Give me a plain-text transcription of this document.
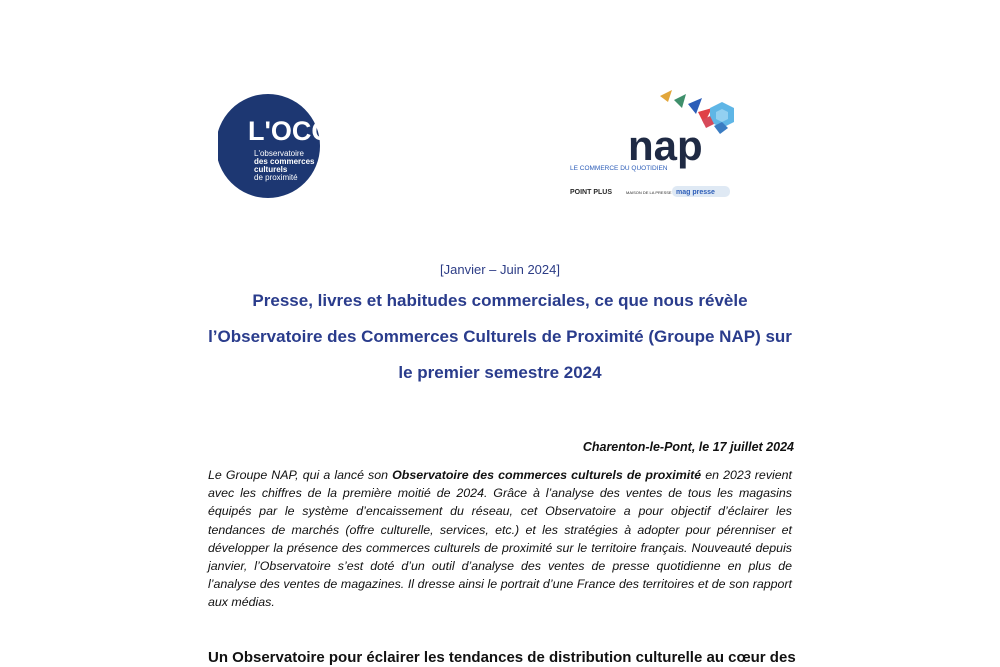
L'OCCP
L'observatoire
des commerces
culturels
de proximité
nap
LE COMMERCE DU QUOTIDIEN
POINT PLUS	MAISON DE LA PRESSE mag presse
[Janvier – Juin 2024]
Presse, livres et habitudes commerciales, ce que nous révèle
l’Observatoire des Commerces Culturels de Proximité (Groupe NAP) sur
le premier semestre 2024
Charenton-le-Pont, le 17 juillet 2024
Le Groupe NAP, qui a lancé son Observatoire des commerces culturels de proximité en 2023 revient avec les chiffres de la première moitié de 2024. Grâce à l’analyse des ventes de tous les magasins équipés par le système d’encaissement du réseau, cet Observatoire a pour objectif d’éclairer les tendances de marchés (offre culturelle, services, etc.) et les stratégies à adopter pour pérenniser et développer la présence des commerces culturels de proximité sur le territoire français. Nouveauté depuis janvier, l’Observatoire s’est doté d’un outil d’analyse des ventes de presse quotidienne en plus de l’analyse des ventes de magazines. Il dresse ainsi le portrait d’une France des territoires et de son rapport aux médias.
Un Observatoire pour éclairer les tendances de distribution culturelle au cœur des
